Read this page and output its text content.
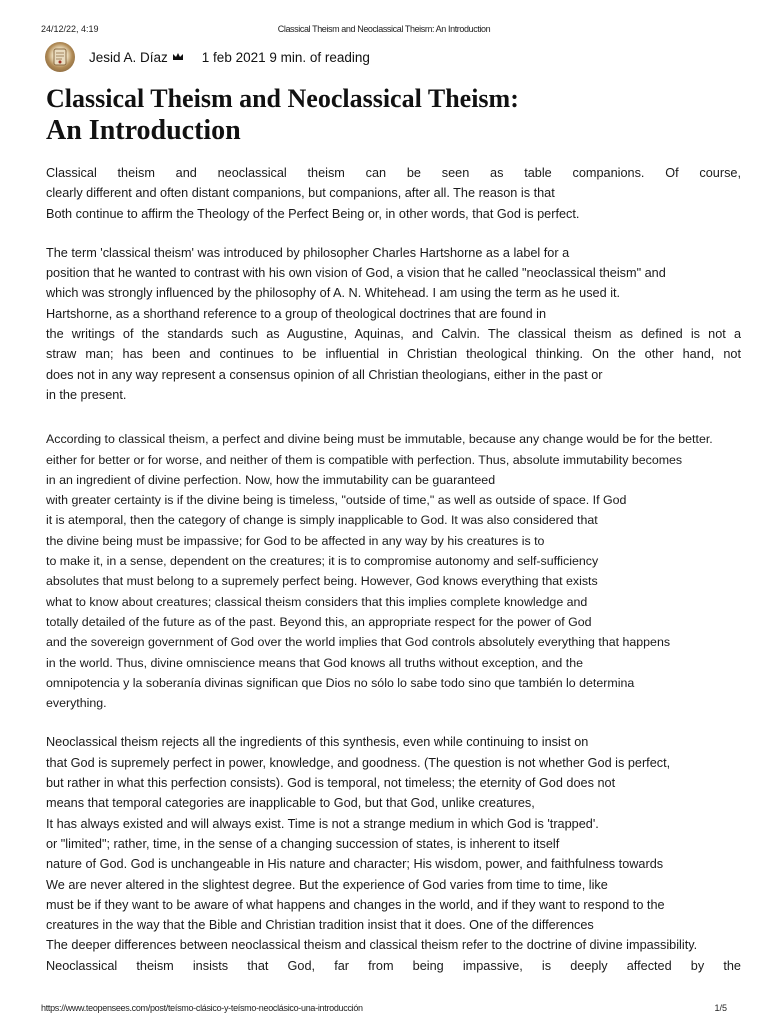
24/12/22, 4:19	Classical Theism and Neoclassical Theism: An Introduction
Jesid A. Díaz	1 feb 2021 9 min. of reading
Classical Theism and Neoclassical Theism:
An Introduction
Classical theism and neoclassical theism can be seen as table companions. Of course,
clearly different and often distant companions, but companions, after all. The reason is that
Both continue to affirm the Theology of the Perfect Being or, in other words, that God is perfect.
The term 'classical theism' was introduced by philosopher Charles Hartshorne as a label for a
position that he wanted to contrast with his own vision of God, a vision that he called "neoclassical theism" and
which was strongly influenced by the philosophy of A. N. Whitehead. I am using the term as he used it.
Hartshorne, as a shorthand reference to a group of theological doctrines that are found in
the writings of the standards such as Augustine, Aquinas, and Calvin. The classical theism as defined is not a
straw man; has been and continues to be influential in Christian theological thinking. On the other hand, not
does not in any way represent a consensus opinion of all Christian theologians, either in the past or
in the present.
According to classical theism, a perfect and divine being must be immutable, because any change would be for the better.
either for better or for worse, and neither of them is compatible with perfection. Thus, absolute immutability becomes
in an ingredient of divine perfection. Now, how the immutability can be guaranteed
with greater certainty is if the divine being is timeless, "outside of time," as well as outside of space. If God
it is atemporal, then the category of change is simply inapplicable to God. It was also considered that
the divine being must be impassive; for God to be affected in any way by his creatures is to
to make it, in a sense, dependent on the creatures; it is to compromise autonomy and self-sufficiency
absolutes that must belong to a supremely perfect being. However, God knows everything that exists
what to know about creatures; classical theism considers that this implies complete knowledge and
totally detailed of the future as of the past. Beyond this, an appropriate respect for the power of God
and the sovereign government of God over the world implies that God controls absolutely everything that happens
in the world. Thus, divine omniscience means that God knows all truths without exception, and the
omnipotencia y la soberanía divinas significan que Dios no sólo lo sabe todo sino que también lo determina
everything.
Neoclassical theism rejects all the ingredients of this synthesis, even while continuing to insist on
that God is supremely perfect in power, knowledge, and goodness. (The question is not whether God is perfect,
but rather in what this perfection consists). God is temporal, not timeless; the eternity of God does not
means that temporal categories are inapplicable to God, but that God, unlike creatures,
It has always existed and will always exist. Time is not a strange medium in which God is 'trapped'.
or "limited"; rather, time, in the sense of a changing succession of states, is inherent to itself
nature of God. God is unchangeable in His nature and character; His wisdom, power, and faithfulness towards
We are never altered in the slightest degree. But the experience of God varies from time to time, like
must be if they want to be aware of what happens and changes in the world, and if they want to respond to the
creatures in the way that the Bible and Christian tradition insist that it does. One of the differences
The deeper differences between neoclassical theism and classical theism refer to the doctrine of divine impassibility.
Neoclassical theism insists that God, far from being impassive, is deeply affected by the
https://www.teopensees.com/post/teísmo-clásico-y-teísmo-neoclásico-una-introducción	1/5
